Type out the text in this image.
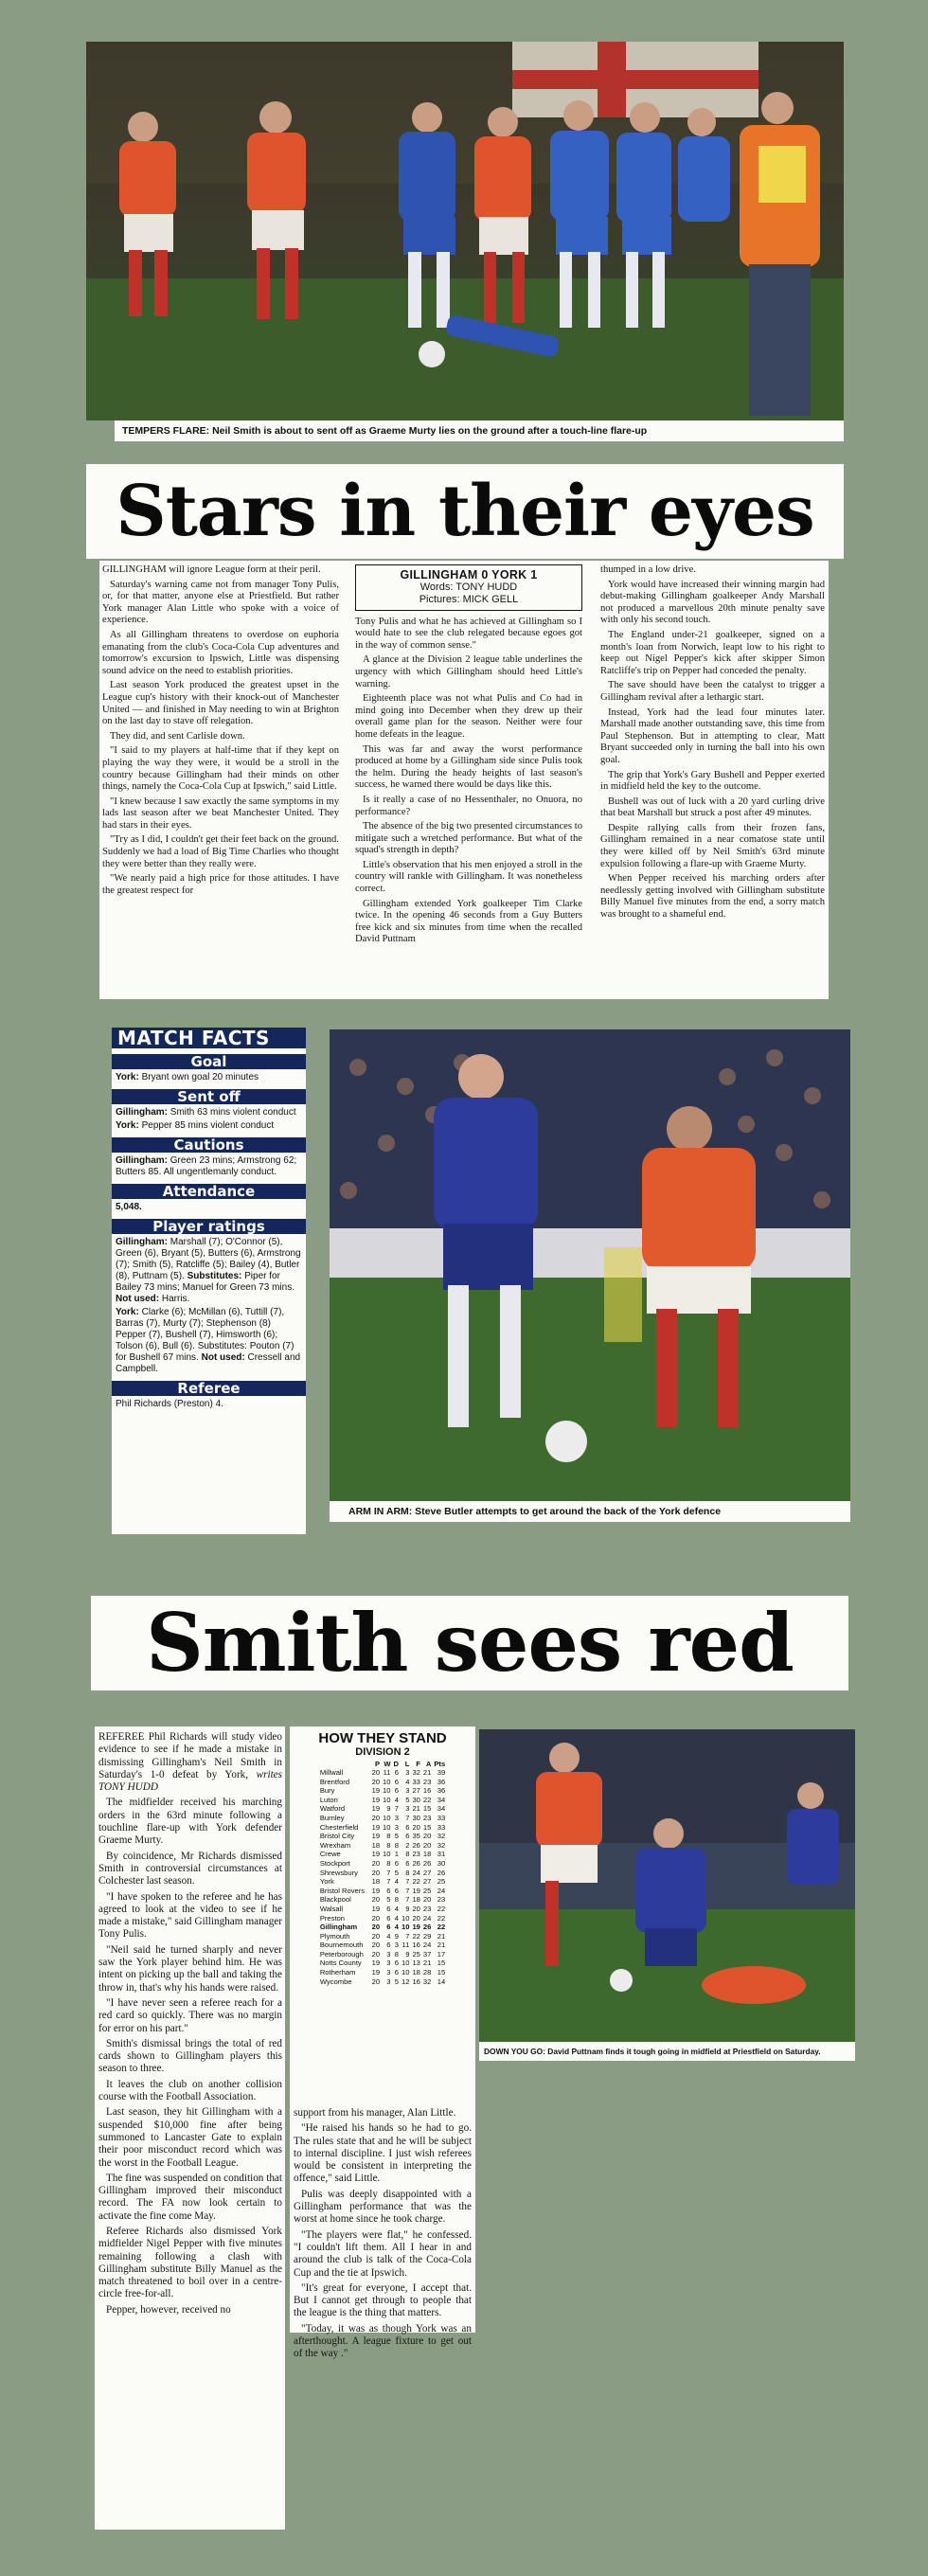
TEMPERS FLARE: Neil Smith is about to sent off as Graeme Murty lies on the ground after a touch-line flare-up
Stars in their eyes

GILLINGHAM will ignore League form at their peril.

Saturday's warning came not from manager Tony Pulis, or, for that matter, anyone else at Priestfield. But rather York manager Alan Little who spoke with a voice of experience.

As all Gillingham threatens to overdose on euphoria emanating from the club's Coca-Cola Cup adventures and tomorrow's excursion to Ipswich, Little was dispensing sound advice on the need to establish priorities.

Last season York produced the greatest upset in the League cup's history with their knock-out of Manchester United — and finished in May needing to win at Brighton on the last day to stave off relegation.

They did, and sent Carlisle down.

"I said to my players at half-time that if they kept on playing the way they were, it would be a stroll in the country because Gillingham had their minds on other things, namely the Coca-Cola Cup at Ipswich," said Little.

"I knew because I saw exactly the same symptoms in my lads last season after we beat Manchester United. They had stars in their eyes.

"Try as I did, I couldn't get their feet back on the ground. Suddenly we had a load of Big Time Charlies who thought they were better than they really were.

"We nearly paid a high price for those attitudes. I have the greatest respect for

GILLINGHAM 0 YORK 1
Words: TONY HUDD
Pictures: MICK GELL

Tony Pulis and what he has achieved at Gillingham so I would hate to see the club relegated because egoes got in the way of common sense."

A glance at the Division 2 league table underlines the urgency with which Gillingham should heed Little's warning.

Eighteenth place was not what Pulis and Co had in mind going into December when they drew up their overall game plan for the season. Neither were four home defeats in the league.

This was far and away the worst performance produced at home by a Gillingham side since Pulis took the helm. During the heady heights of last season's success, he warned there would be days like this.

Is it really a case of no Hessenthaler, no Onuora, no performance?

The absence of the big two presented circumstances to mitigate such a wretched performance. But what of the squad's strength in depth?

Little's observation that his men enjoyed a stroll in the country will rankle with Gillingham. It was nonetheless correct.

Gillingham extended York goalkeeper Tim Clarke twice. In the opening 46 seconds from a Guy Butters free kick and six minutes from time when the recalled David Puttnam

thumped in a low drive.

York would have increased their winning margin had debut-making Gillingham goalkeeper Andy Marshall not produced a marvellous 20th minute penalty save with only his second touch.

The England under-21 goalkeeper, signed on a month's loan from Norwich, leapt low to his right to keep out Nigel Pepper's kick after skipper Simon Ratcliffe's trip on Pepper had conceded the penalty.

The save should have been the catalyst to trigger a Gillingham revival after a lethargic start.

Instead, York had the lead four minutes later. Marshall made another outstanding save, this time from Paul Stephenson. But in attempting to clear, Matt Bryant succeeded only in turning the ball into his own goal.

The grip that York's Gary Bushell and Pepper exerted in midfield held the key to the outcome.

Bushell was out of luck with a 20 yard curling drive that beat Marshall but struck a post after 49 minutes.

Despite rallying calls from their frozen fans, Gillingham remained in a near comatose state until they were killed off by Neil Smith's 63rd minute expulsion following a flare-up with Graeme Murty.

When Pepper received his marching orders after needlessly getting involved with Gillingham substitute Billy Manuel five minutes from the end, a sorry match was brought to a shameful end.

MATCH FACTS
Goal
York: Bryant own goal 20 minutes
Sent off
Gillingham: Smith 63 mins violent conduct
York: Pepper 85 mins violent conduct
Cautions
Gillingham: Green 23 mins; Armstrong 62; Butters 85. All ungentlemanly conduct.
Attendance
5,048.
Player ratings
Gillingham: Marshall (7); O'Connor (5), Green (6), Bryant (5), Butters (6), Armstrong (7); Smith (5), Ratcliffe (5); Bailey (4), Butler (8), Puttnam (5). Substitutes: Piper for Bailey 73 mins; Manuel for Green 73 mins. Not used: Harris.
York: Clarke (6); McMillan (6), Tuttill (7), Barras (7), Murty (7); Stephenson (8) Pepper (7), Bushell (7), Himsworth (6); Tolson (6), Bull (6). Substitutes: Pouton (7) for Bushell 67 mins. Not used: Cressell and Campbell.
Referee
Phil Richards (Preston) 4.
ARM IN ARM: Steve Butler attempts to get around the back of the York defence
Smith sees red

REFEREE Phil Richards will study video evidence to see if he made a mistake in dismissing Gillingham's Neil Smith in Saturday's 1-0 defeat by York, writes TONY HUDD

The midfielder received his marching orders in the 63rd minute following a touchline flare-up with York defender Graeme Murty.

By coincidence, Mr Richards dismissed Smith in controversial circumstances at Colchester last season.

"I have spoken to the referee and he has agreed to look at the video to see if he made a mistake," said Gillingham manager Tony Pulis.

"Neil said he turned sharply and never saw the York player behind him. He was intent on picking up the ball and taking the throw in, that's why his hands were raised.

"I have never seen a referee reach for a red card so quickly. There was no margin for error on his part."

Smith's dismissal brings the total of red cards shown to Gillingham players this season to three.

It leaves the club on another collision course with the Football Association.

Last season, they hit Gillingham with a suspended $10,000 fine after being summoned to Lancaster Gate to explain their poor misconduct record which was the worst in the Football League.

The fine was suspended on condition that Gillingham improved their misconduct record. The FA now look certain to activate the fine come May.

Referee Richards also dismissed York midfielder Nigel Pepper with five minutes remaining following a clash with Gillingham substitute Billy Manuel as the match threatened to boil over in a centre-circle free-for-all.

Pepper, however, received no

HOW THEY STAND
DIVISION 2
	P	W	D	L	F	A	Pts
Millwall	20	11	6	3	32	21	39
Brentford	20	10	6	4	33	23	36
Bury	19	10	6	3	27	16	36
Luton	19	10	4	5	30	22	34
Watford	19	9	7	3	21	15	34
Burnley	20	10	3	7	30	23	33
Chesterfield	19	10	3	6	20	15	33
Bristol City	19	8	5	6	35	20	32
Wrexham	18	8	8	2	26	20	32
Crewe	19	10	1	8	23	18	31
Stockport	20	8	6	6	26	26	30
Shrewsbury	20	7	5	8	24	27	26
York	18	7	4	7	22	27	25
Bristol Rovers	19	6	6	7	19	25	24
Blackpool	20	5	8	7	18	20	23
Walsall	19	6	4	9	20	23	22
Preston	20	6	4	10	20	24	22
Gillingham	20	6	4	10	19	26	22
Plymouth	20	4	9	7	22	29	21
Bournemouth	20	6	3	11	16	24	21
Peterborough	20	3	8	9	25	37	17
Notts County	19	3	6	10	13	21	15
Rotherham	19	3	6	10	18	28	15
Wycombe	20	3	5	12	16	32	14

support from his manager, Alan Little.

"He raised his hands so he had to go. The rules state that and he will be subject to internal discipline. I just wish referees would be consistent in interpreting the offence," said Little.

Pulis was deeply disappointed with a Gillingham performance that was the worst at home since he took charge.

"The players were flat," he confessed. "I couldn't lift them. All I hear in and around the club is talk of the Coca-Cola Cup and the tie at Ipswich.

"It's great for everyone, I accept that. But I cannot get through to people that the league is the thing that matters.

"Today, it was as though York was an afterthought. A league fixture to get out of the way ."

DOWN YOU GO: David Puttnam finds it tough going in midfield at Priestfield on Saturday.
